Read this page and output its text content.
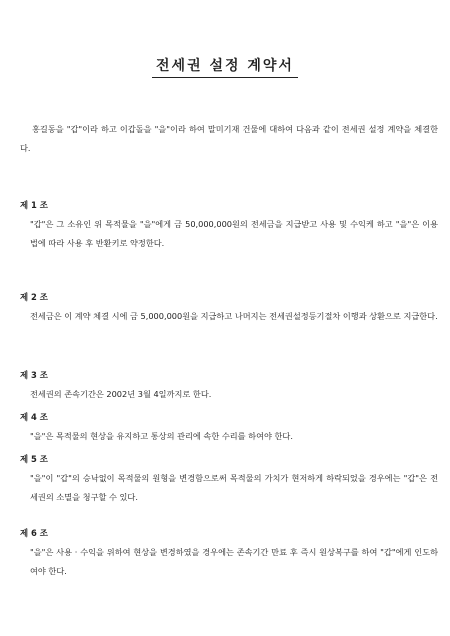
전세권 설정 계약서
홍길동을 "갑"이라 하고 이갑돌을 "을"이라 하여 말미기재 건물에 대하여 다음과 같이 전세권 설정 계약을 체결한다.
제 1 조
"갑"은 그 소유인 위 목적물을 "을"에게 금 50,000,000원의 전세금을 지급받고 사용 및 수익케 하고 "을"은 이용법에 따라 사용 후 반환키로 약정한다.
제 2 조
전세금은 이 계약 체결 시에 금 5,000,000원을 지급하고 나머지는 전세권설정등기절차 이행과 상환으로 지급한다.
제 3 조
전세권의 존속기간은 2002년 3월 4일까지로 한다.
제 4 조
"을"은 목적물의 현상을 유지하고 통상의 관리에 속한 수리를 하여야 한다.
제 5 조
"을"이 "갑"의 승낙없이 목적물의 원형을 변경함으로써 목적물의 가치가 현저하게 하락되었을 경우에는 "갑"은 전세권의 소멸을 청구할 수 있다.
제 6 조
"을"은 사용 · 수익을 위하여 현상을 변경하였을 경우에는 존속기간 만료 후 즉시 원상복구를 하여 "갑"에게 인도하여야 한다.
